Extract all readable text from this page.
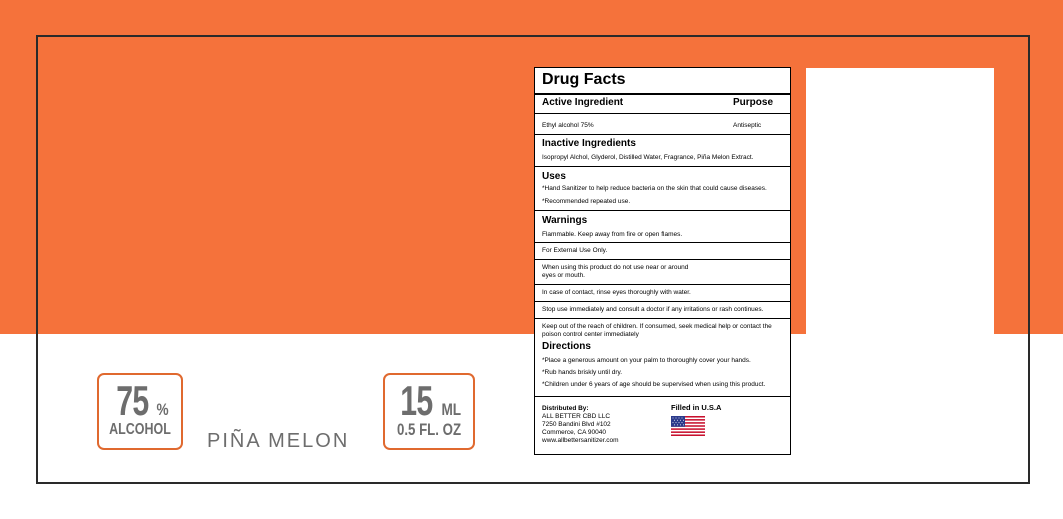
75 %
ALCOHOL
PIÑA MELON
15 ML
0.5 FL. OZ
Drug Facts
Active Ingredient	Purpose
Ethyl alcohol 75%	Antiseptic
Inactive Ingredients
Isopropyl Alchol, Glyderol, Distilled Water, Fragrance, Piña Melon Extract.
Uses
*Hand Sanitizer to help reduce bacteria on the skin that could cause diseases.
*Recommended repeated use.
Warnings
Flammable. Keep away from fire or open flames.
For External Use Only.
When using this product do not use near or around
eyes or mouth.
In case of contact, rinse eyes thoroughly with water.
Stop use immediately and consult a doctor if any irritations or rash continues.
Keep out of the reach of children. If consumed, seek medical help or contact the poison control center immediately
Directions
*Place a generous amount on your palm to thoroughly cover your hands.
*Rub hands briskly until dry.
*Children under 6 years of age should be supervised when using this product.
Distributed By:
ALL BETTER CBD LLC
7250 Bandini Blvd #102
Commerce, CA 90040
www.allbettersanitizer.com
Filled in U.S.A
